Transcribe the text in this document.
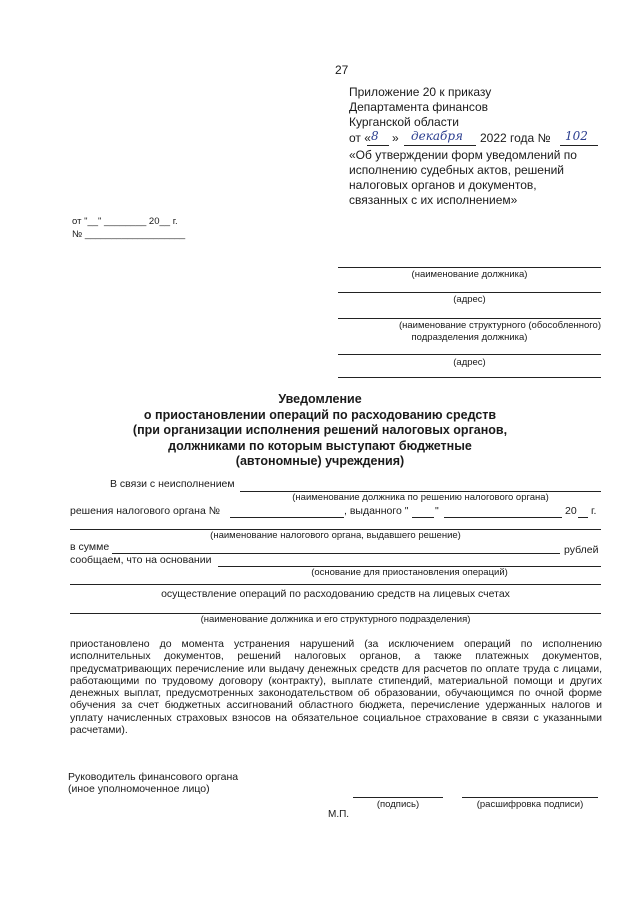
27
Приложение 20 к приказу
Департамента финансов
Курганской области
от « 8 » декабря 2022 года № 102
«Об утверждении форм уведомлений по
исполнению судебных актов, решений
налоговых органов и документов,
связанных с их исполнением»
от "__" ________ 20__ г.
№ ___________________
(наименование должника)
(адрес)
(наименование структурного (обособленного)
подразделения должника)
(адрес)
Уведомление
о приостановлении операций по расходованию средств
(при организации исполнения решений налоговых органов,
должниками по которым выступают бюджетные
(автономные) учреждения)
В связи с неисполнением
(наименование должника по решению налогового органа)
решения налогового органа №	, выданного "	"	20 г.
(наименование налогового органа, выдавшего решение)
в сумме	рублей
сообщаем, что на основании
(основание для приостановления операций)
осуществление операций по расходованию средств на лицевых счетах
(наименование должника и его структурного подразделения)
приостановлено до момента устранения нарушений (за исключением операций по исполнению исполнительных документов, решений налоговых органов, а также платежных документов, предусматривающих перечисление или выдачу денежных средств для расчетов по оплате труда с лицами, работающими по трудовому договору (контракту), выплате стипендий, материальной помощи и других денежных выплат, предусмотренных законодательством об образовании, обучающимся по очной форме обучения за счет бюджетных ассигнований областного бюджета, перечисление удержанных налогов и уплату начисленных страховых взносов на обязательное социальное страхование в связи с указанными расчетами).
Руководитель финансового органа
(иное уполномоченное лицо)
(подпись)	(расшифровка подписи)
М.П.
